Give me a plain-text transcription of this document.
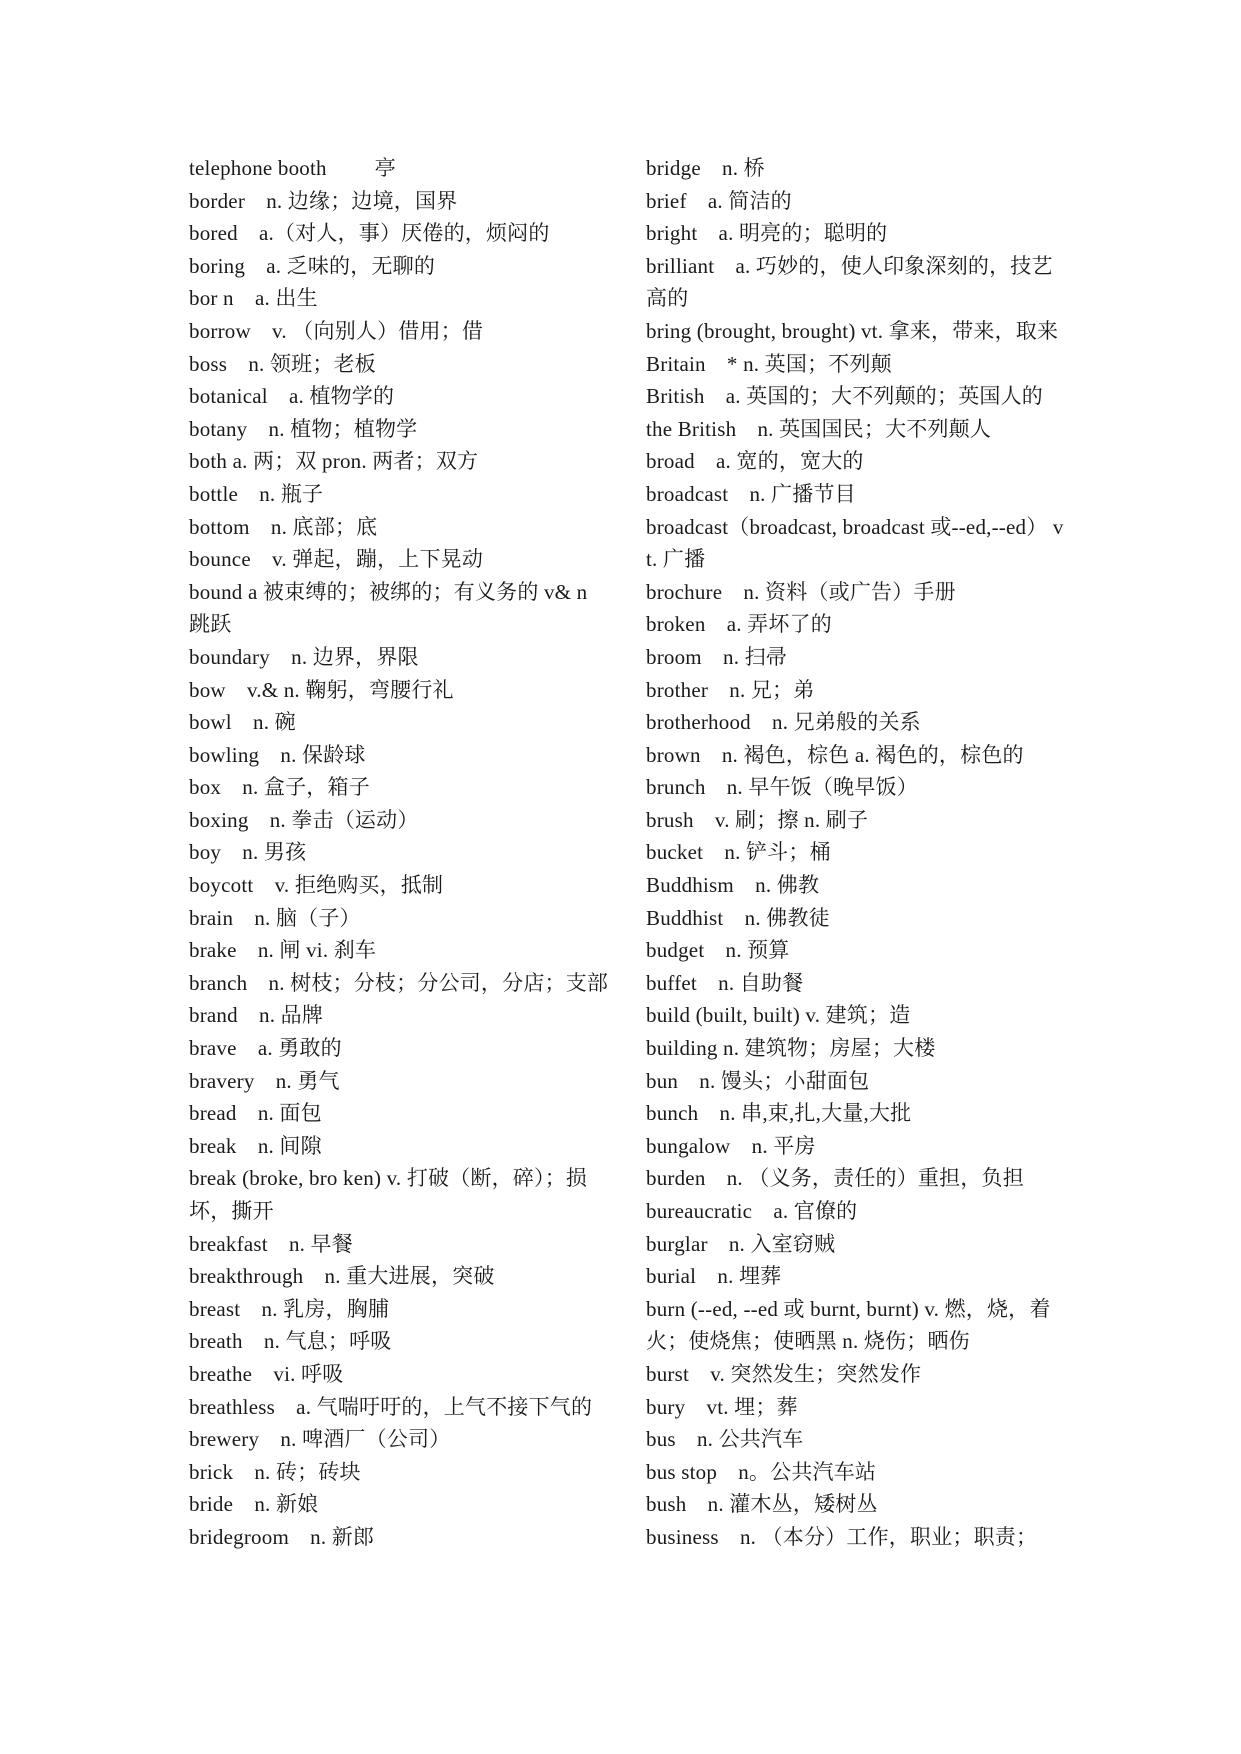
telephone booth 　　亭

border　n. 边缘；边境，国界

bored　a.（对人，事）厌倦的，烦闷的

boring　a. 乏味的，无聊的

bor n　a. 出生

borrow　v. （向别人）借用；借

boss　n. 领班；老板

botanical　a. 植物学的

botany　n. 植物；植物学

both a. 两；双 pron. 两者；双方

bottle　n. 瓶子

bottom　n. 底部；底

bounce　v. 弹起，蹦，上下晃动

bound a 被束缚的；被绑的；有义务的 v& n 跳跃

boundary　n. 边界，界限

bow　v.& n. 鞠躬，弯腰行礼

bowl　n. 碗

bowling　n. 保龄球

box　n. 盒子，箱子

boxing　n. 拳击（运动）

boy　n. 男孩

boycott　v. 拒绝购买，抵制

brain　n. 脑（子）

brake　n. 闸 vi. 刹车

branch　n. 树枝；分枝；分公司，分店；支部

brand　n. 品牌

brave　a. 勇敢的

bravery　n. 勇气

bread　n. 面包

break　n. 间隙

break (broke, bro ken) v. 打破（断，碎）；损坏，撕开

breakfast　n. 早餐

breakthrough　n. 重大进展，突破

breast　n. 乳房，胸脯

breath　n. 气息；呼吸

breathe　vi. 呼吸

breathless　a. 气喘吁吁的，上气不接下气的

brewery　n. 啤酒厂（公司）

brick　n. 砖；砖块

bride　n. 新娘

bridegroom　n. 新郎

bridge　n. 桥

brief　a. 简洁的

bright　a. 明亮的；聪明的

brilliant　a. 巧妙的，使人印象深刻的，技艺高的

bring (brought, brought) vt. 拿来，带来，取来

Britain　* n. 英国；不列颠

British　a. 英国的；大不列颠的；英国人的

the British　n. 英国国民；大不列颠人

broad　a. 宽的，宽大的

broadcast　n. 广播节目

broadcast（broadcast, broadcast 或--ed,--ed） vt. 广播

brochure　n. 资料（或广告）手册

broken　a. 弄坏了的

broom　n. 扫帚

brother　n. 兄；弟

brotherhood　n. 兄弟般的关系

brown　n. 褐色，棕色 a. 褐色的，棕色的

brunch　n. 早午饭（晚早饭）

brush　v. 刷；擦 n. 刷子

bucket　n. 铲斗；桶

Buddhism　n. 佛教

Buddhist　n. 佛教徒

budget　n. 预算

buffet　n. 自助餐

build (built, built) v. 建筑；造

building n. 建筑物；房屋；大楼

bun　n. 馒头；小甜面包

bunch　n. 串,束,扎,大量,大批

bungalow　n. 平房

burden　n. （义务，责任的）重担，负担

bureaucratic　a. 官僚的

burglar　n. 入室窃贼

burial　n. 埋葬

burn (--ed, --ed 或 burnt, burnt) v. 燃，烧，着火；使烧焦；使晒黑 n. 烧伤；晒伤

burst　v. 突然发生；突然发作

bury　vt. 埋；葬

bus　n. 公共汽车

bus stop　n。公共汽车站

bush　n. 灌木丛，矮树丛

business　n. （本分）工作，职业；职责；
